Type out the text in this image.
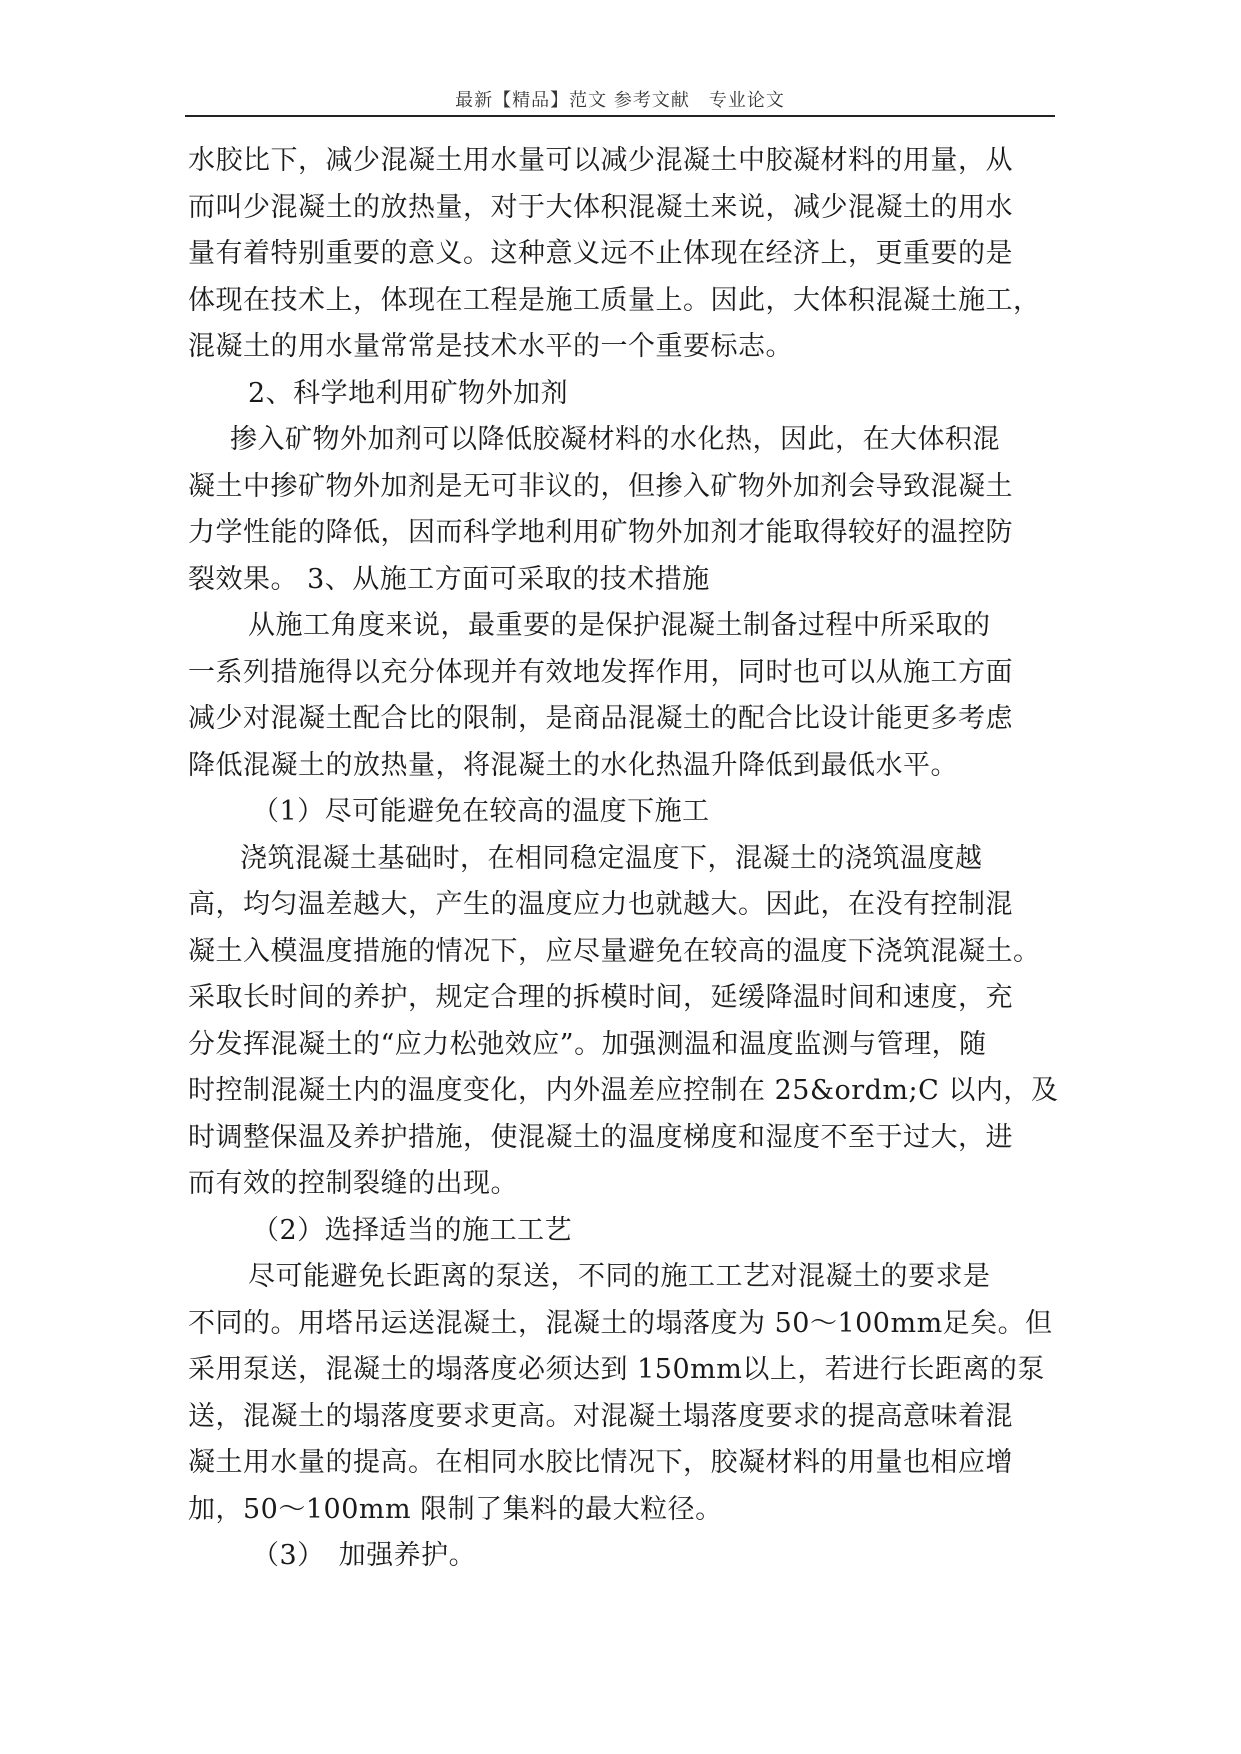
最新【精品】范文 参考文献　专业论文
水胶比下，减少混凝土用水量可以减少混凝土中胶凝材料的用量，从
而叫少混凝土的放热量，对于大体积混凝土来说，减少混凝土的用水
量有着特别重要的意义。这种意义远不止体现在经济上，更重要的是
体现在技术上，体现在工程是施工质量上。因此，大体积混凝土施工，
混凝土的用水量常常是技术水平的一个重要标志。
2、科学地利用矿物外加剂
掺入矿物外加剂可以降低胶凝材料的水化热，因此，在大体积混
凝土中掺矿物外加剂是无可非议的，但掺入矿物外加剂会导致混凝土
力学性能的降低，因而科学地利用矿物外加剂才能取得较好的温控防
裂效果。 3、从施工方面可采取的技术措施
从施工角度来说，最重要的是保护混凝土制备过程中所采取的
一系列措施得以充分体现并有效地发挥作用，同时也可以从施工方面
减少对混凝土配合比的限制，是商品混凝土的配合比设计能更多考虑
降低混凝土的放热量，将混凝土的水化热温升降低到最低水平。
（1）尽可能避免在较高的温度下施工
浇筑混凝土基础时，在相同稳定温度下，混凝土的浇筑温度越
高，均匀温差越大，产生的温度应力也就越大。因此，在没有控制混
凝土入模温度措施的情况下，应尽量避免在较高的温度下浇筑混凝土。
采取长时间的养护，规定合理的拆模时间，延缓降温时间和速度，充
分发挥混凝土的“应力松弛效应”。加强测温和温度监测与管理，随
时控制混凝土内的温度变化，内外温差应控制在 25&ordm;C 以内，及
时调整保温及养护措施，使混凝土的温度梯度和湿度不至于过大，进
而有效的控制裂缝的出现。
（2）选择适当的施工工艺
尽可能避免长距离的泵送，不同的施工工艺对混凝土的要求是
不同的。用塔吊运送混凝土，混凝土的塌落度为 50～100mm足矣。但
采用泵送，混凝土的塌落度必须达到 150mm以上，若进行长距离的泵
送，混凝土的塌落度要求更高。对混凝土塌落度要求的提高意味着混
凝土用水量的提高。在相同水胶比情况下，胶凝材料的用量也相应增
加，50～100mm 限制了集料的最大粒径。
（3）　加强养护。
